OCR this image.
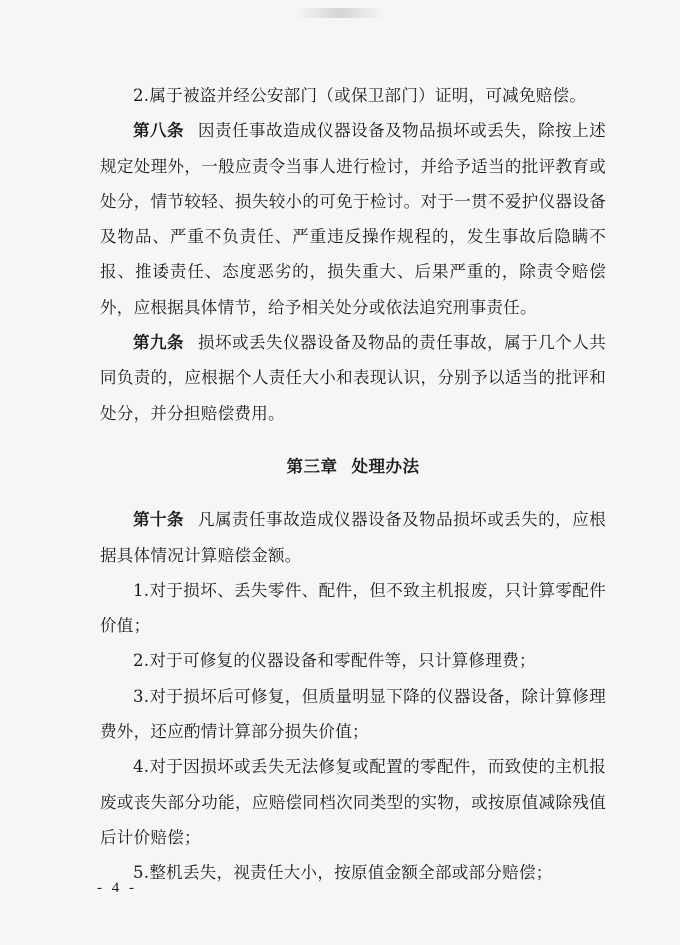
2.属于被盗并经公安部门（或保卫部门）证明，可减免赔偿。

第八条 因责任事故造成仪器设备及物品损坏或丢失，除按上述规定处理外，一般应责令当事人进行检讨，并给予适当的批评教育或处分，情节较轻、损失较小的可免于检讨。对于一贯不爱护仪器设备及物品、严重不负责任、严重违反操作规程的，发生事故后隐瞒不报、推诿责任、态度恶劣的，损失重大、后果严重的，除责令赔偿外，应根据具体情节，给予相关处分或依法追究刑事责任。

第九条 损坏或丢失仪器设备及物品的责任事故，属于几个人共同负责的，应根据个人责任大小和表现认识，分别予以适当的批评和处分，并分担赔偿费用。

第三章 处理办法

第十条 凡属责任事故造成仪器设备及物品损坏或丢失的，应根据具体情况计算赔偿金额。

1.对于损坏、丢失零件、配件，但不致主机报废，只计算零配件价值；

2.对于可修复的仪器设备和零配件等，只计算修理费；

3.对于损坏后可修复，但质量明显下降的仪器设备，除计算修理费外，还应酌情计算部分损失价值；

4.对于因损坏或丢失无法修复或配置的零配件，而致使的主机报废或丧失部分功能，应赔偿同档次同类型的实物，或按原值减除残值后计价赔偿；

5.整机丢失，视责任大小，按原值金额全部或部分赔偿；

- 4 -
